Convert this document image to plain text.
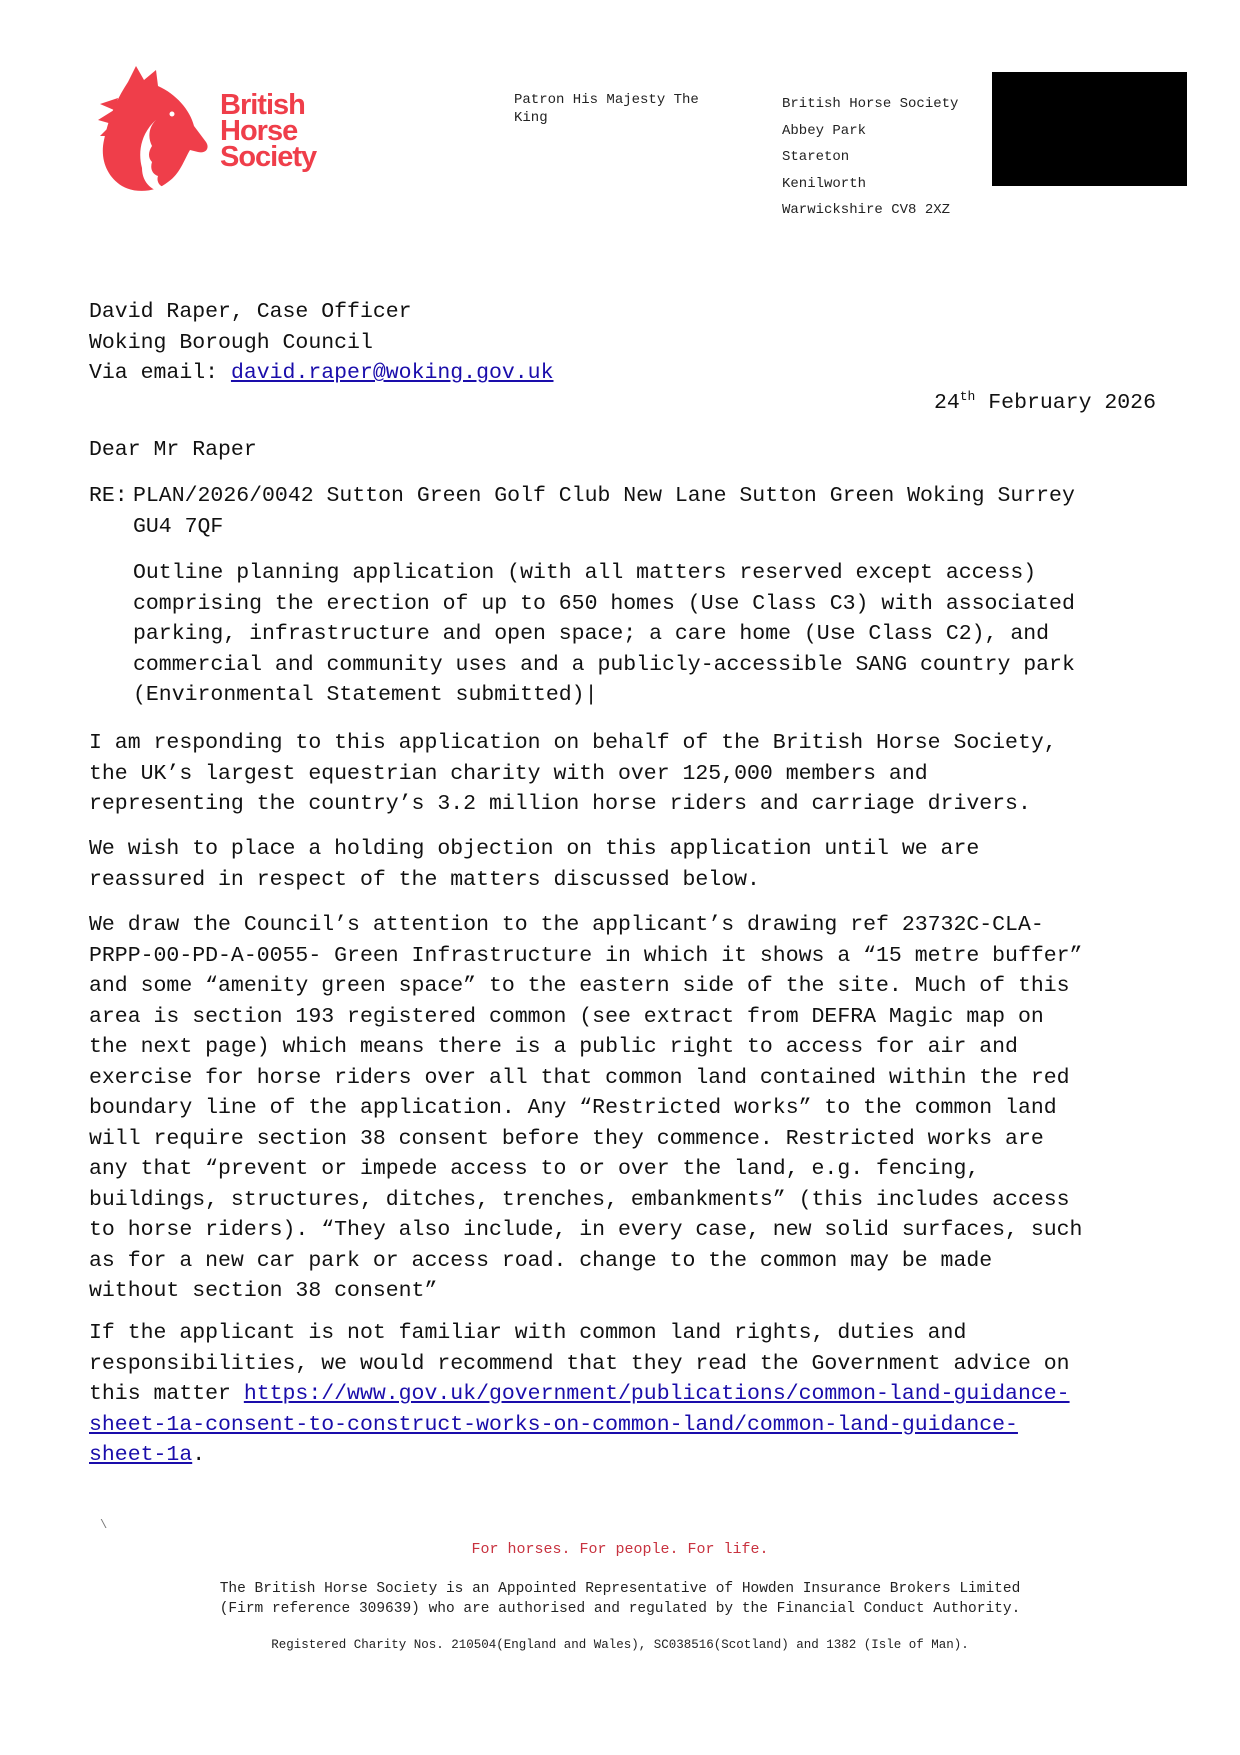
British
Horse
Society
Patron His Majesty The King
British Horse Society
Abbey Park
Stareton
Kenilworth
Warwickshire CV8 2XZ
David Raper, Case Officer
Woking Borough Council
Via email: david.raper@woking.gov.uk
24th February 2026
Dear Mr Raper
RE: PLAN/2026/0042 Sutton Green Golf Club New Lane Sutton Green Woking Surrey
GU4 7QF
Outline planning application (with all matters reserved except access)
comprising the erection of up to 650 homes (Use Class C3) with associated
parking, infrastructure and open space; a care home (Use Class C2), and
commercial and community uses and a publicly-accessible SANG country park
(Environmental Statement submitted)|
I am responding to this application on behalf of the British Horse Society,
the UK’s largest equestrian charity with over 125,000 members and
representing the country’s 3.2 million horse riders and carriage drivers.
We wish to place a holding objection on this application until we are
reassured in respect of the matters discussed below.
We draw the Council’s attention to the applicant’s drawing ref 23732C-CLA-
PRPP-00-PD-A-0055- Green Infrastructure in which it shows a “15 metre buffer”
and some “amenity green space” to the eastern side of the site. Much of this
area is section 193 registered common (see extract from DEFRA Magic map on
the next page) which means there is a public right to access for air and
exercise for horse riders over all that common land contained within the red
boundary line of the application. Any “Restricted works” to the common land
will require section 38 consent before they commence. Restricted works are
any that “prevent or impede access to or over the land, e.g. fencing,
buildings, structures, ditches, trenches, embankments” (this includes access
to horse riders). “They also include, in every case, new solid surfaces, such
as for a new car park or access road. change to the common may be made
without section 38 consent”
If the applicant is not familiar with common land rights, duties and
responsibilities, we would recommend that they read the Government advice on
this matter https://www.gov.uk/government/publications/common-land-guidance-
sheet-1a-consent-to-construct-works-on-common-land/common-land-guidance-
sheet-1a.
\
For horses. For people. For life.
The British Horse Society is an Appointed Representative of Howden Insurance Brokers Limited
(Firm reference 309639) who are authorised and regulated by the Financial Conduct Authority.
Registered Charity Nos. 210504(England and Wales), SC038516(Scotland) and 1382 (Isle of Man).
